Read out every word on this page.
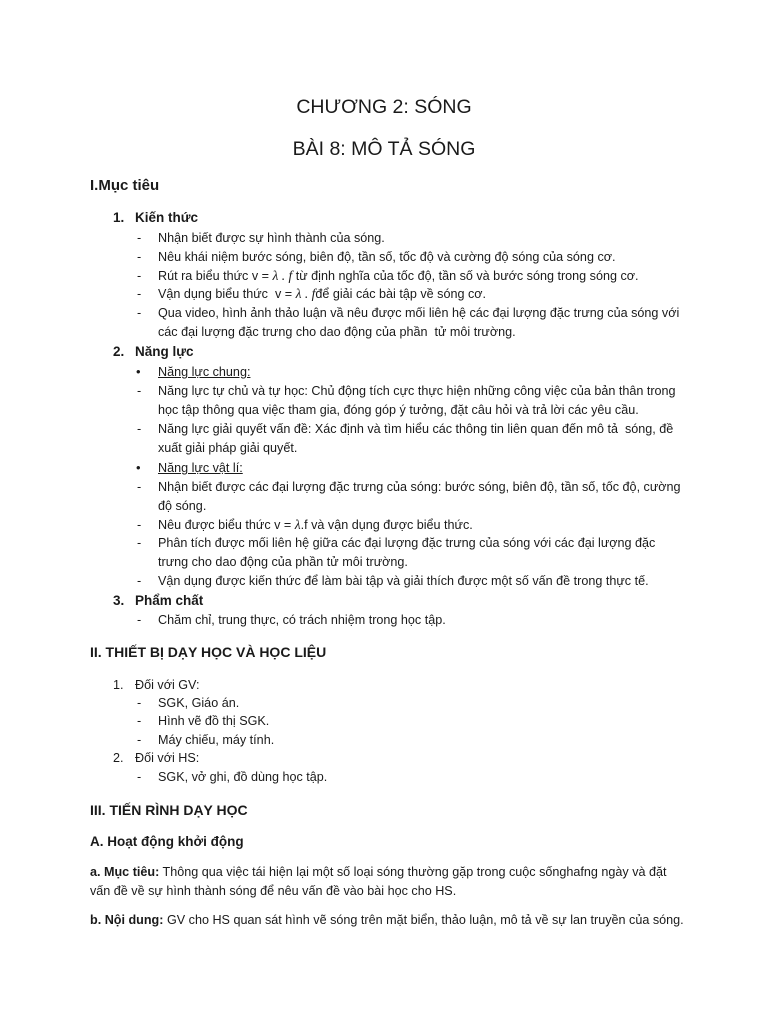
CHƯƠNG 2: SÓNG
BÀI 8: MÔ TẢ SÓNG
I.Mục tiêu
1. Kiến thức
- Nhận biết được sự hình thành của sóng.
- Nêu khái niệm bước sóng, biên độ, tần số, tốc độ và cường độ sóng của sóng cơ.
- Rút ra biểu thức v = λ . f từ định nghĩa của tốc độ, tần số và bước sóng trong sóng cơ.
- Vận dụng biểu thức  v = λ . fđể giải các bài tập về sóng cơ.
- Qua video, hình ảnh thảo luận vầ nêu được mối liên hệ các đại lượng đặc trưng của sóng với
các đại lượng đặc trưng cho dao động của phần  tử môi trường.
2. Năng lực
• Năng lực chung:
- Năng lực tự chủ và tự học: Chủ động tích cực thực hiện những công việc của bản thân trong
học tập thông qua việc tham gia, đóng góp ý tưởng, đặt câu hỏi và trả lời các yêu cầu.
- Năng lực giải quyết vấn đề: Xác định và tìm hiểu các thông tin liên quan đến mô tả  sóng, đề
xuất giải pháp giải quyết.
• Năng lực vật lí:
- Nhận biết được các đại lượng đặc trưng của sóng: bước sóng, biên độ, tần số, tốc độ, cường
độ sóng.
- Nêu được biểu thức v = λ.f và vận dụng được biểu thức.
- Phân tích được mối liên hệ giữa các đại lượng đặc trưng của sóng với các đại lượng đặc
trưng cho dao động của phần tử môi trường.
- Vận dụng được kiến thức để làm bài tập và giải thích được một số vấn đề trong thực tế.
3. Phẩm chất
- Chăm chỉ, trung thực, có trách nhiệm trong học tập.
II. THIẾT BỊ DẠY HỌC VÀ HỌC LIỆU
1. Đối với GV:
- SGK, Giáo án.
- Hình vẽ đồ thị SGK.
- Máy chiếu, máy tính.
2. Đối với HS:
- SGK, vở ghi, đồ dùng học tập.
III. TIẾN RÌNH DẠY HỌC
A. Hoạt động khởi động
a. Mục tiêu: Thông qua việc tái hiện lại một số loại sóng thường gặp trong cuộc sốnghafng ngày và đặt
vấn đề về sự hình thành sóng để nêu vấn đề vào bài học cho HS.
b. Nội dung: GV cho HS quan sát hình vẽ sóng trên mặt biển, thảo luận, mô tả về sự lan truyền của sóng.
